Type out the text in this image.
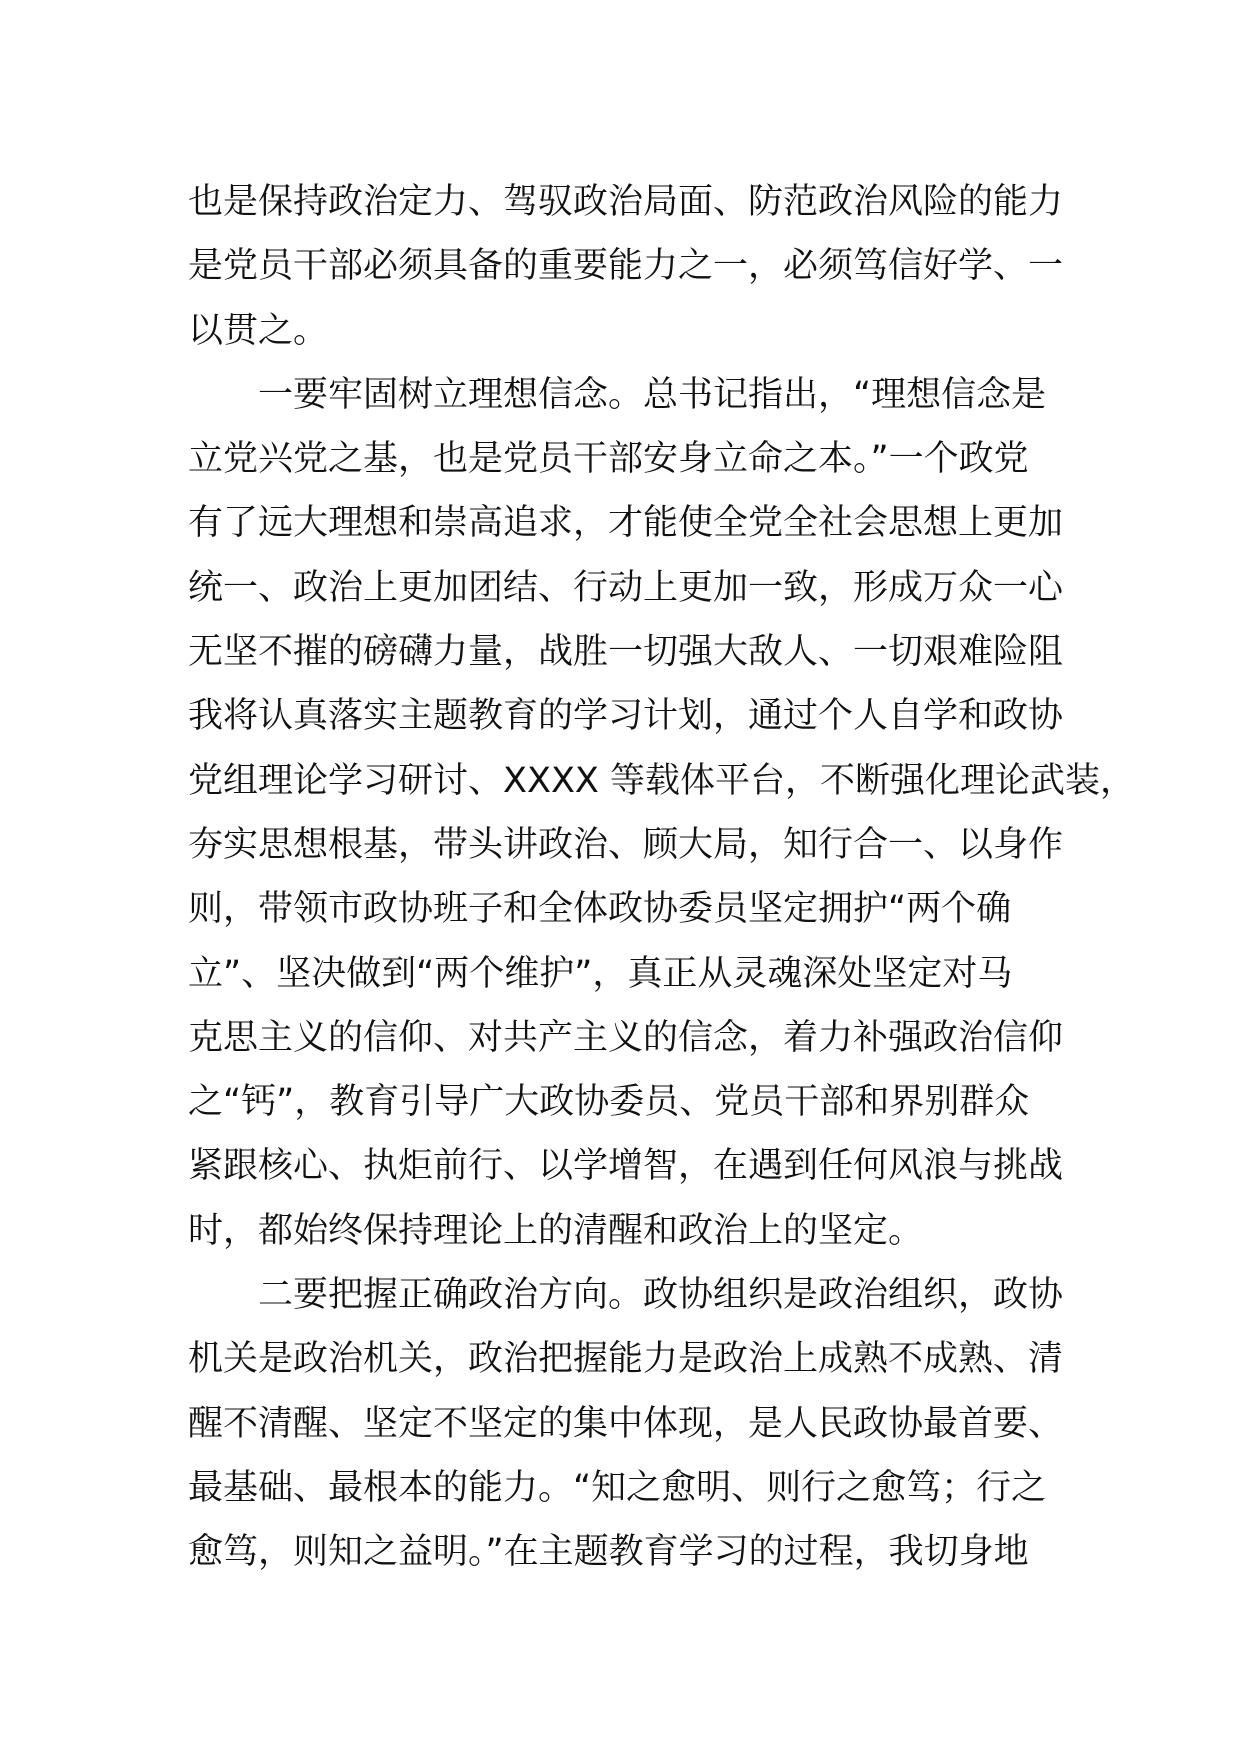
也是保持政治定力、驾驭政治局面、防范政治风险的能力
是党员干部必须具备的重要能力之一，必须笃信好学、一
以贯之。
一要牢固树立理想信念。总书记指出，“理想信念是
立党兴党之基，也是党员干部安身立命之本。”一个政党
有了远大理想和崇高追求，才能使全党全社会思想上更加
统一、政治上更加团结、行动上更加一致，形成万众一心
无坚不摧的磅礴力量，战胜一切强大敌人、一切艰难险阻
我将认真落实主题教育的学习计划，通过个人自学和政协
党组理论学习研讨、XXXX 等载体平台，不断强化理论武装，
夯实思想根基，带头讲政治、顾大局，知行合一、以身作
则，带领市政协班子和全体政协委员坚定拥护“两个确
立”、坚决做到“两个维护”，真正从灵魂深处坚定对马
克思主义的信仰、对共产主义的信念，着力补强政治信仰
之“钙”，教育引导广大政协委员、党员干部和界别群众
紧跟核心、执炬前行、以学增智，在遇到任何风浪与挑战
时，都始终保持理论上的清醒和政治上的坚定。
二要把握正确政治方向。政协组织是政治组织，政协
机关是政治机关，政治把握能力是政治上成熟不成熟、清
醒不清醒、坚定不坚定的集中体现，是人民政协最首要、
最基础、最根本的能力。“知之愈明、则行之愈笃；行之
愈笃，则知之益明。”在主题教育学习的过程，我切身地
